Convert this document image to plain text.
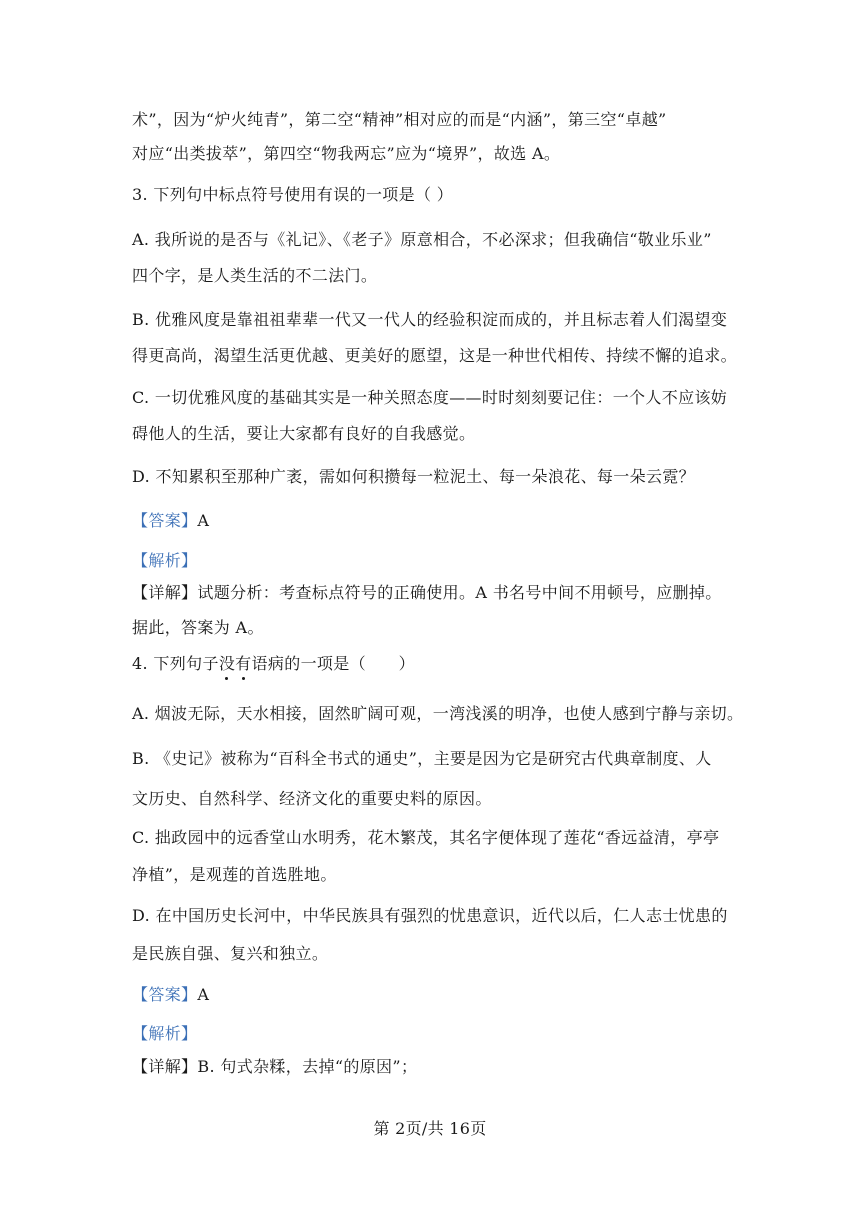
术”，因为“炉火纯青”，第二空“精神”相对应的而是“内涵”，第三空“卓越”
对应“出类拔萃”，第四空“物我两忘”应为“境界”，故选 A。
3. 下列句中标点符号使用有误的一项是（ ）
A. 我所说的是否与《礼记》、《老子》原意相合，不必深求；但我确信“敬业乐业”
四个字，是人类生活的不二法门。
B. 优雅风度是靠祖祖辈辈一代又一代人的经验积淀而成的，并且标志着人们渴望变
得更高尚，渴望生活更优越、更美好的愿望，这是一种世代相传、持续不懈的追求。
C. 一切优雅风度的基础其实是一种关照态度——时时刻刻要记住：一个人不应该妨
碍他人的生活，要让大家都有良好的自我感觉。
D. 不知累积至那种广袤，需如何积攒每一粒泥土、每一朵浪花、每一朵云霓？
【答案】A
【解析】
【详解】试题分析：考查标点符号的正确使用。A 书名号中间不用顿号，应删掉。
据此，答案为 A。
4. 下列句子没有语病的一项是（　　）
A. 烟波无际，天水相接，固然旷阔可观，一湾浅溪的明净，也使人感到宁静与亲切。
B. 《史记》被称为“百科全书式的通史”，主要是因为它是研究古代典章制度、人
文历史、自然科学、经济文化的重要史料的原因。
C. 拙政园中的远香堂山水明秀，花木繁茂，其名字便体现了莲花“香远益清，亭亭
净植”，是观莲的首选胜地。
D. 在中国历史长河中，中华民族具有强烈的忧患意识，近代以后，仁人志士忧患的
是民族自强、复兴和独立。
【答案】A
【解析】
【详解】B. 句式杂糅，去掉“的原因”；
第 2页/共 16页
